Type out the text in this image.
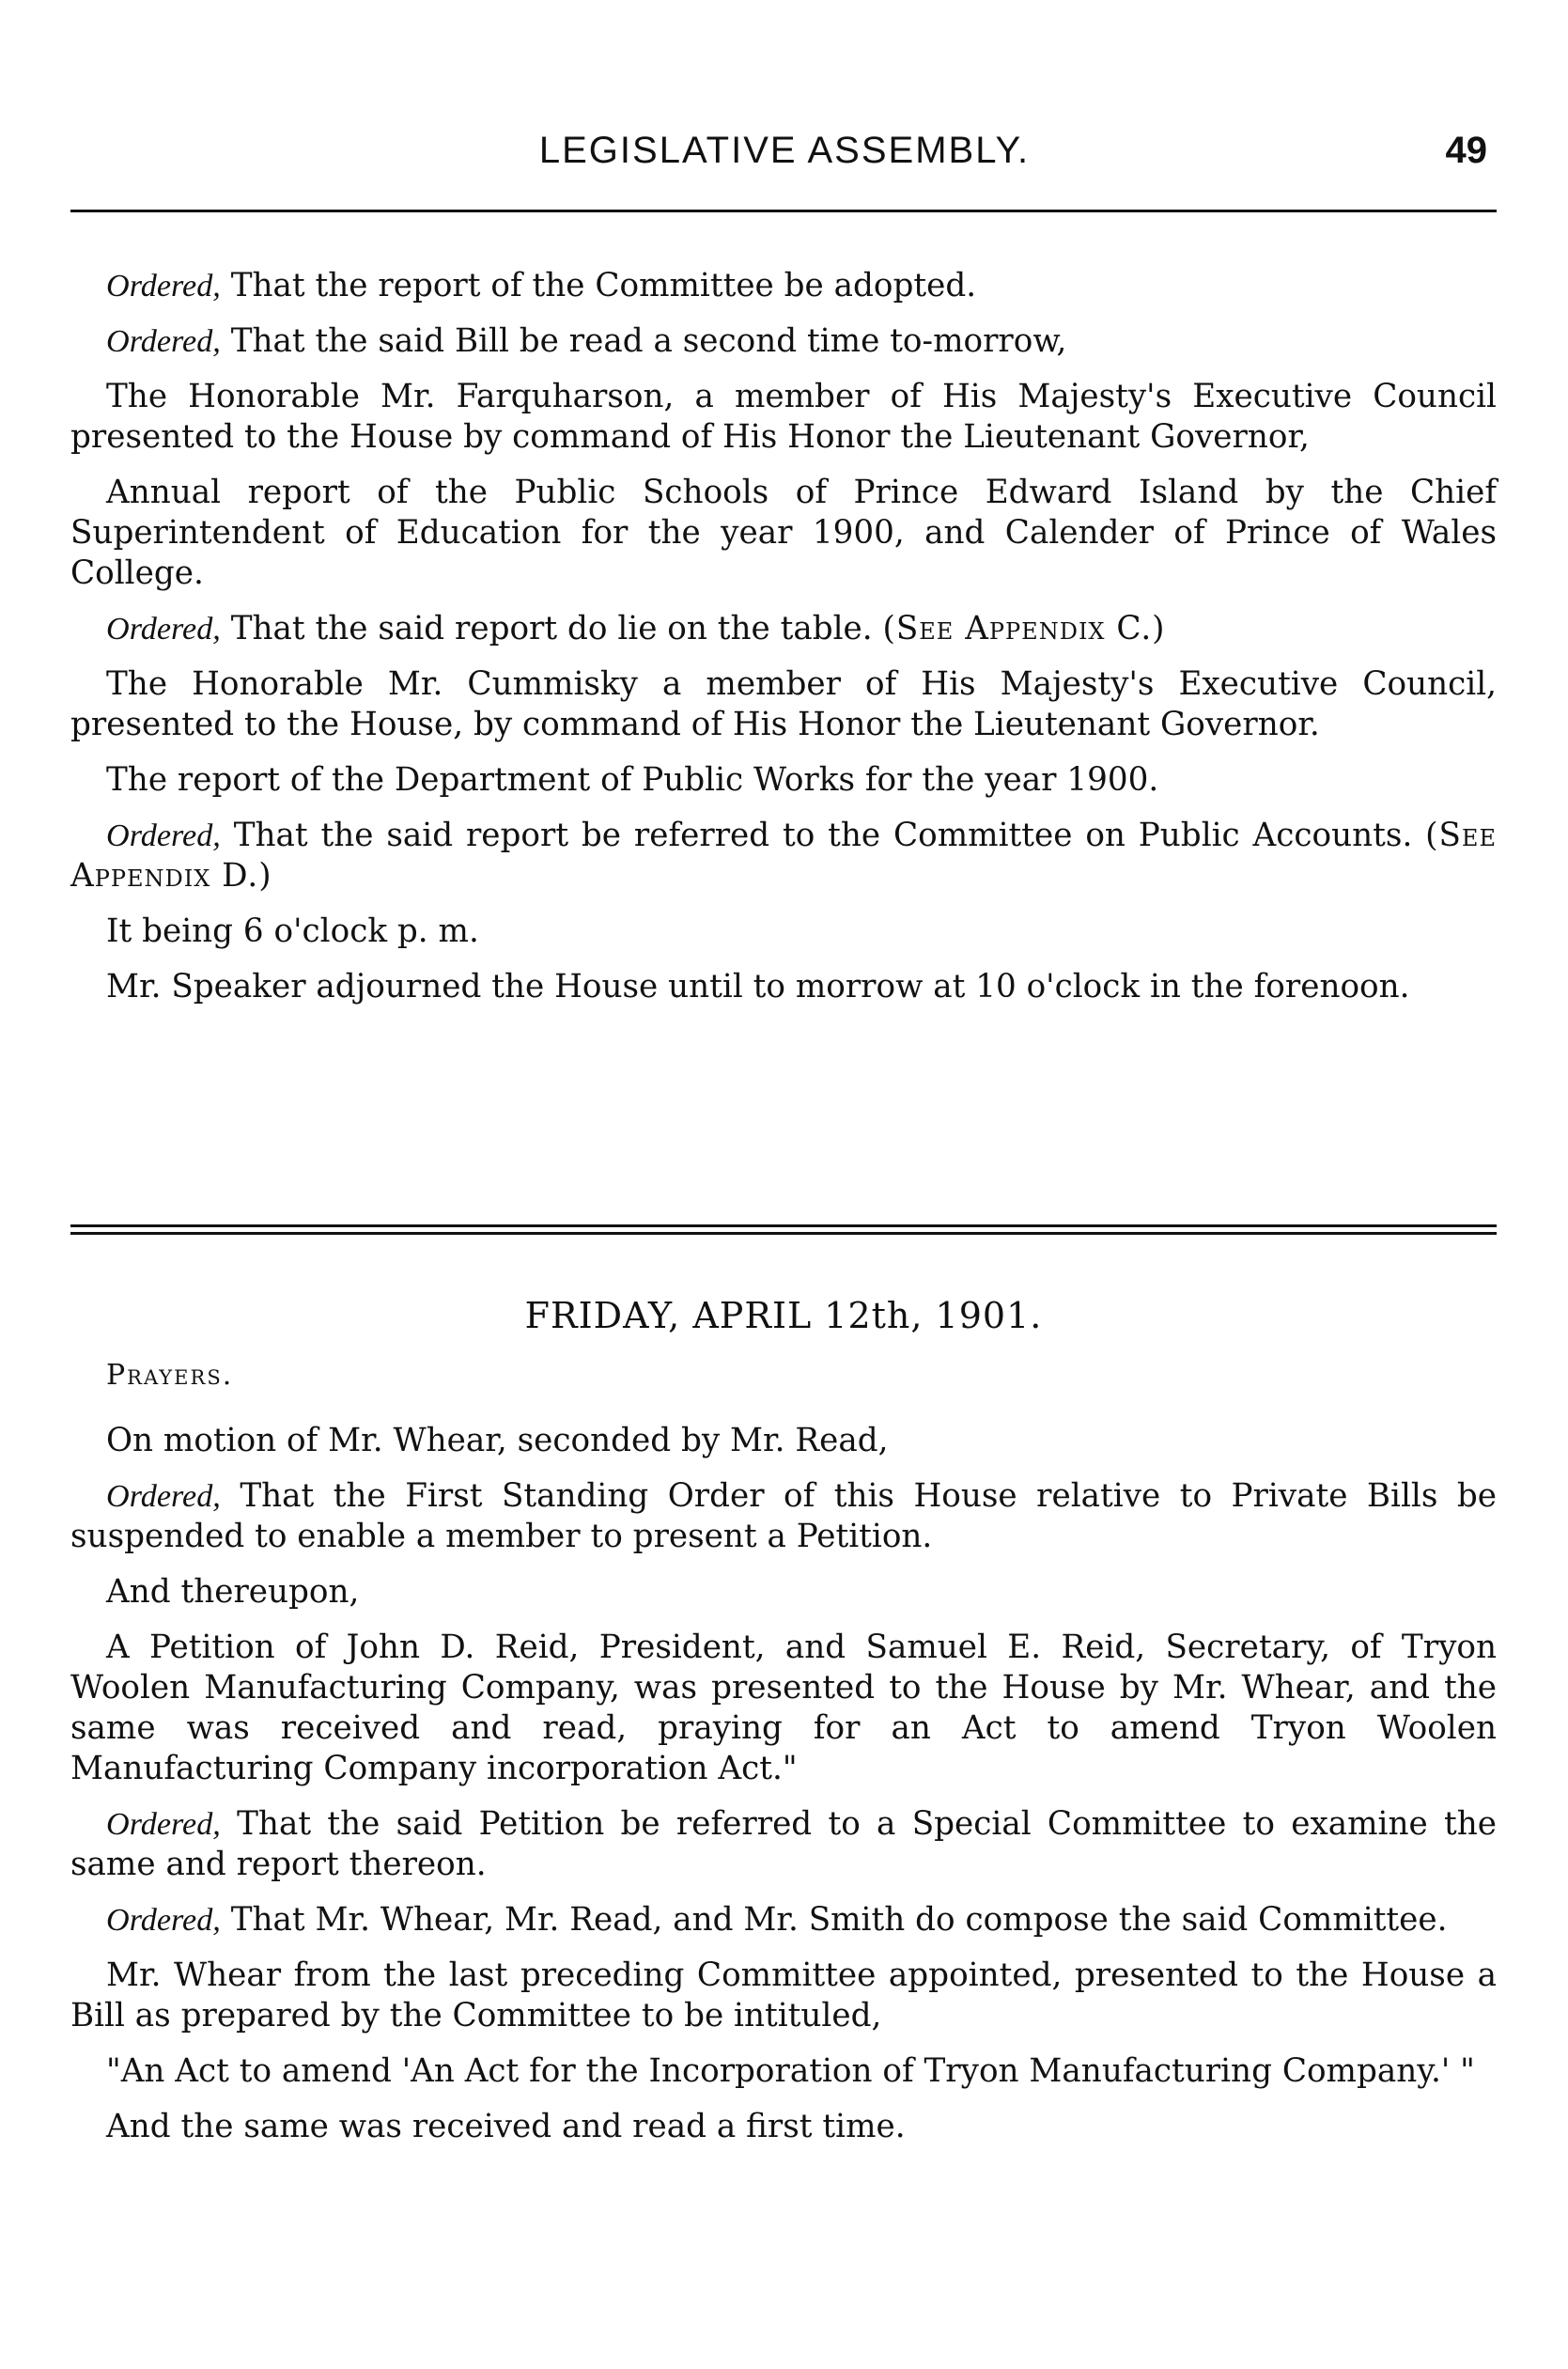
LEGISLATIVE ASSEMBLY.	49

Ordered, That the report of the Committee be adopted.

Ordered, That the said Bill be read a second time to-morrow,

The Honorable Mr. Farquharson, a member of His Majesty's Executive Council presented to the House by command of His Honor the Lieutenant Governor,

Annual report of the Public Schools of Prince Edward Island by the Chief Superintendent of Education for the year 1900, and Calender of Prince of Wales College.

Ordered, That the said report do lie on the table. (See Appendix C.)

The Honorable Mr. Cummisky a member of His Majesty's Executive Council, presented to the House, by command of His Honor the Lieutenant Governor.

The report of the Department of Public Works for the year 1900.

Ordered, That the said report be referred to the Committee on Public Accounts. (See Appendix D.)

It being 6 o'clock p. m.

Mr. Speaker adjourned the House until to morrow at 10 o'clock in the forenoon.

FRIDAY, APRIL 12th, 1901.
Prayers.

On motion of Mr. Whear, seconded by Mr. Read,

Ordered, That the First Standing Order of this House relative to Private Bills be suspended to enable a member to present a Petition.

And thereupon,

A Petition of John D. Reid, President, and Samuel E. Reid, Secretary, of Tryon Woolen Manufacturing Company, was presented to the House by Mr. Whear, and the same was received and read, praying for an Act to amend Tryon Woolen Manufacturing Company incorporation Act."

Ordered, That the said Petition be referred to a Special Committee to examine the same and report thereon.

Ordered, That Mr. Whear, Mr. Read, and Mr. Smith do compose the said Committee.

Mr. Whear from the last preceding Committee appointed, presented to the House a Bill as prepared by the Committee to be intituled,

"An Act to amend 'An Act for the Incorporation of Tryon Manufacturing Company.' "

And the same was received and read a first time.
